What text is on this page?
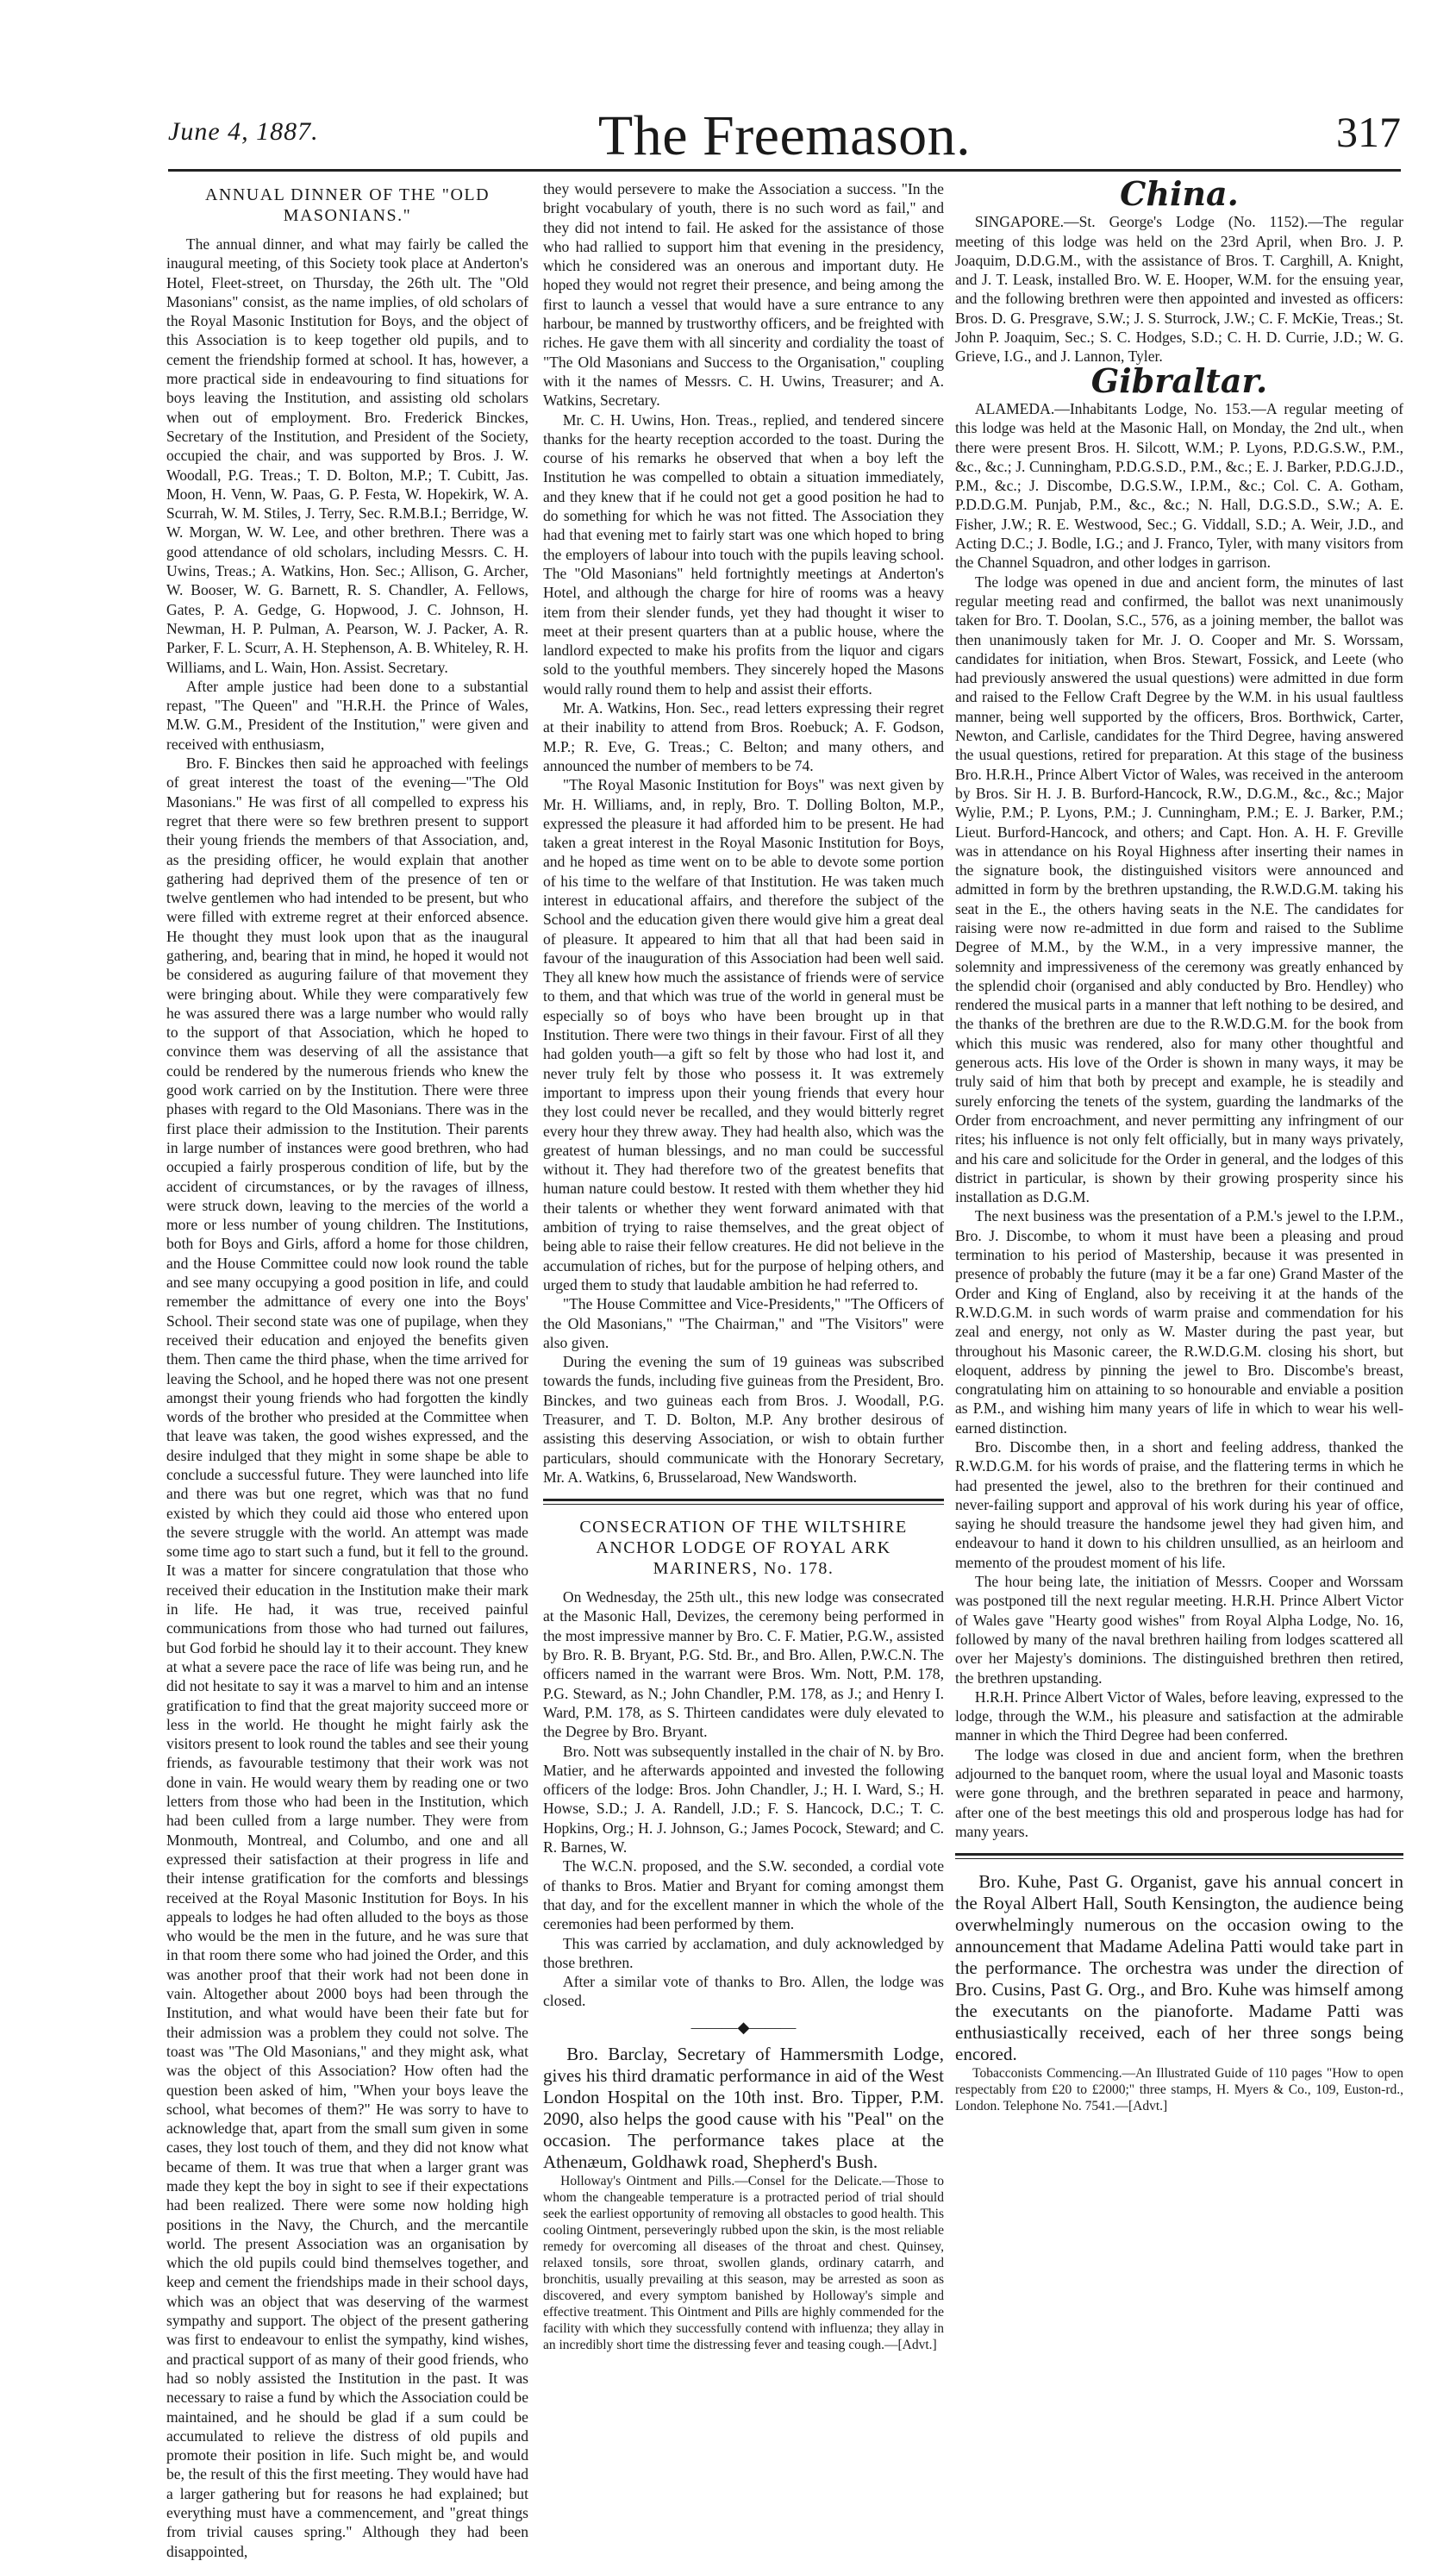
June 4, 1887.	The Freemason.	317
ANNUAL DINNER OF THE "OLD MASONIANS."

The annual dinner, and what may fairly be called the inaugural meeting, of this Society took place at Anderton's Hotel, Fleet-street, on Thursday, the 26th ult. The "Old Masonians" consist, as the name implies, of old scholars of the Royal Masonic Institution for Boys, and the object of this Association is to keep together old pupils, and to cement the friendship formed at school. It has, however, a more practical side in endeavouring to find situations for boys leaving the Institution, and assisting old scholars when out of employment. Bro. Frederick Binckes, Secretary of the Institution, and President of the Society, occupied the chair, and was supported by Bros. J. W. Woodall, P.G. Treas.; T. D. Bolton, M.P.; T. Cubitt, Jas. Moon, H. Venn, W. Paas, G. P. Festa, W. Hopekirk, W. A. Scurrah, W. M. Stiles, J. Terry, Sec. R.M.B.I.; Berridge, W. W. Morgan, W. W. Lee, and other brethren. There was a good attendance of old scholars, including Messrs. C. H. Uwins, Treas.; A. Watkins, Hon. Sec.; Allison, G. Archer, W. Booser, W. G. Barnett, R. S. Chandler, A. Fellows, Gates, P. A. Gedge, G. Hopwood, J. C. Johnson, H. Newman, H. P. Pulman, A. Pearson, W. J. Packer, A. R. Parker, F. L. Scurr, A. H. Stephenson, A. B. Whiteley, R. H. Williams, and L. Wain, Hon. Assist. Secretary.

After ample justice had been done to a substantial repast, "The Queen" and "H.R.H. the Prince of Wales, M.W. G.M., President of the Institution," were given and received with enthusiasm,

Bro. F. Binckes then said he approached with feelings of great interest the toast of the evening—"The Old Masonians." He was first of all compelled to express his regret that there were so few brethren present to support their young friends the members of that Association, and, as the presiding officer, he would explain that another gathering had deprived them of the presence of ten or twelve gentlemen who had intended to be present, but who were filled with extreme regret at their enforced absence. He thought they must look upon that as the inaugural gathering, and, bearing that in mind, he hoped it would not be considered as auguring failure of that movement they were bringing about. While they were comparatively few he was assured there was a large number who would rally to the support of that Association, which he hoped to convince them was deserving of all the assistance that could be rendered by the numerous friends who knew the good work carried on by the Institution. There were three phases with regard to the Old Masonians. There was in the first place their admission to the Institution. Their parents in large number of instances were good brethren, who had occupied a fairly prosperous condition of life, but by the accident of circumstances, or by the ravages of illness, were struck down, leaving to the mercies of the world a more or less number of young children. The Institutions, both for Boys and Girls, afford a home for those children, and the House Committee could now look round the table and see many occupying a good position in life, and could remember the admittance of every one into the Boys' School. Their second state was one of pupilage, when they received their education and enjoyed the benefits given them. Then came the third phase, when the time arrived for leaving the School, and he hoped there was not one present amongst their young friends who had forgotten the kindly words of the brother who presided at the Committee when that leave was taken, the good wishes expressed, and the desire indulged that they might in some shape be able to conclude a successful future. They were launched into life and there was but one regret, which was that no fund existed by which they could aid those who entered upon the severe struggle with the world. An attempt was made some time ago to start such a fund, but it fell to the ground. It was a matter for sincere congratulation that those who received their education in the Institution make their mark in life. He had, it was true, received painful communications from those who had turned out failures, but God forbid he should lay it to their account. They knew at what a severe pace the race of life was being run, and he did not hesitate to say it was a marvel to him and an intense gratification to find that the great majority succeed more or less in the world. He thought he might fairly ask the visitors present to look round the tables and see their young friends, as favourable testimony that their work was not done in vain. He would weary them by reading one or two letters from those who had been in the Institution, which had been culled from a large number. They were from Monmouth, Montreal, and Columbo, and one and all expressed their satisfaction at their progress in life and their intense gratification for the comforts and blessings received at the Royal Masonic Institution for Boys. In his appeals to lodges he had often alluded to the boys as those who would be the men in the future, and he was sure that in that room there some who had joined the Order, and this was another proof that their work had not been done in vain. Altogether about 2000 boys had been through the Institution, and what would have been their fate but for their admission was a problem they could not solve. The toast was "The Old Masonians," and they might ask, what was the object of this Association? How often had the question been asked of him, "When your boys leave the school, what becomes of them?" He was sorry to have to acknowledge that, apart from the small sum given in some cases, they lost touch of them, and they did not know what became of them. It was true that when a larger grant was made they kept the boy in sight to see if their expectations had been realized. There were some now holding high positions in the Navy, the Church, and the mercantile world. The present Association was an organisation by which the old pupils could bind themselves together, and keep and cement the friendships made in their school days, which was an object that was deserving of the warmest sympathy and support. The object of the present gathering was first to endeavour to enlist the sympathy, kind wishes, and practical support of as many of their good friends, who had so nobly assisted the Institution in the past. It was necessary to raise a fund by which the Association could be maintained, and he should be glad if a sum could be accumulated to relieve the distress of old pupils and promote their position in life. Such might be, and would be, the result of this the first meeting. They would have had a larger gathering but for reasons he had explained; but everything must have a commencement, and "great things from trivial causes spring." Although they had been disappointed,

they would persevere to make the Association a success. "In the bright vocabulary of youth, there is no such word as fail," and they did not intend to fail. He asked for the assistance of those who had rallied to support him that evening in the presidency, which he considered was an onerous and important duty. He hoped they would not regret their presence, and being among the first to launch a vessel that would have a sure entrance to any harbour, be manned by trustworthy officers, and be freighted with riches. He gave them with all sincerity and cordiality the toast of "The Old Masonians and Success to the Organisation," coupling with it the names of Messrs. C. H. Uwins, Treasurer; and A. Watkins, Secretary.

Mr. C. H. Uwins, Hon. Treas., replied, and tendered sincere thanks for the hearty reception accorded to the toast. During the course of his remarks he observed that when a boy left the Institution he was compelled to obtain a situation immediately, and they knew that if he could not get a good position he had to do something for which he was not fitted. The Association they had that evening met to fairly start was one which hoped to bring the employers of labour into touch with the pupils leaving school. The "Old Masonians" held fortnightly meetings at Anderton's Hotel, and although the charge for hire of rooms was a heavy item from their slender funds, yet they had thought it wiser to meet at their present quarters than at a public house, where the landlord expected to make his profits from the liquor and cigars sold to the youthful members. They sincerely hoped the Masons would rally round them to help and assist their efforts.

Mr. A. Watkins, Hon. Sec., read letters expressing their regret at their inability to attend from Bros. Roebuck; A. F. Godson, M.P.; R. Eve, G. Treas.; C. Belton; and many others, and announced the number of members to be 74.

"The Royal Masonic Institution for Boys" was next given by Mr. H. Williams, and, in reply, Bro. T. Dolling Bolton, M.P., expressed the pleasure it had afforded him to be present. He had taken a great interest in the Royal Masonic Institution for Boys, and he hoped as time went on to be able to devote some portion of his time to the welfare of that Institution. He was taken much interest in educational affairs, and therefore the subject of the School and the education given there would give him a great deal of pleasure. It appeared to him that all that had been said in favour of the inauguration of this Association had been well said. They all knew how much the assistance of friends were of service to them, and that which was true of the world in general must be especially so of boys who have been brought up in that Institution. There were two things in their favour. First of all they had golden youth—a gift so felt by those who had lost it, and never truly felt by those who possess it. It was extremely important to impress upon their young friends that every hour they lost could never be recalled, and they would bitterly regret every hour they threw away. They had health also, which was the greatest of human blessings, and no man could be successful without it. They had therefore two of the greatest benefits that human nature could bestow. It rested with them whether they hid their talents or whether they went forward animated with that ambition of trying to raise themselves, and the great object of being able to raise their fellow creatures. He did not believe in the accumulation of riches, but for the purpose of helping others, and urged them to study that laudable ambition he had referred to.

"The House Committee and Vice-Presidents," "The Officers of the Old Masonians," "The Chairman," and "The Visitors" were also given.

During the evening the sum of 19 guineas was subscribed towards the funds, including five guineas from the President, Bro. Binckes, and two guineas each from Bros. J. Woodall, P.G. Treasurer, and T. D. Bolton, M.P. Any brother desirous of assisting this deserving Association, or wish to obtain further particulars, should communicate with the Honorary Secretary, Mr. A. Watkins, 6, Brusselaroad, New Wandsworth.

CONSECRATION OF THE WILTSHIRE ANCHOR LODGE OF ROYAL ARK MARINERS, No. 178.

On Wednesday, the 25th ult., this new lodge was consecrated at the Masonic Hall, Devizes, the ceremony being performed in the most impressive manner by Bro. C. F. Matier, P.G.W., assisted by Bro. R. B. Bryant, P.G. Std. Br., and Bro. Allen, P.W.C.N. The officers named in the warrant were Bros. Wm. Nott, P.M. 178, P.G. Steward, as N.; John Chandler, P.M. 178, as J.; and Henry I. Ward, P.M. 178, as S. Thirteen candidates were duly elevated to the Degree by Bro. Bryant.

Bro. Nott was subsequently installed in the chair of N. by Bro. Matier, and he afterwards appointed and invested the following officers of the lodge: Bros. John Chandler, J.; H. I. Ward, S.; H. Howse, S.D.; J. A. Randell, J.D.; F. S. Hancock, D.C.; T. C. Hopkins, Org.; H. J. Johnson, G.; James Pocock, Steward; and C. R. Barnes, W.

The W.C.N. proposed, and the S.W. seconded, a cordial vote of thanks to Bros. Matier and Bryant for coming amongst them that day, and for the excellent manner in which the whole of the ceremonies had been performed by them.

This was carried by acclamation, and duly acknowledged by those brethren.

After a similar vote of thanks to Bro. Allen, the lodge was closed.

———◆———

Bro. Barclay, Secretary of Hammersmith Lodge, gives his third dramatic performance in aid of the West London Hospital on the 10th inst. Bro. Tipper, P.M. 2090, also helps the good cause with his "Peal" on the occasion. The performance takes place at the Athenæum, Goldhawk road, Shepherd's Bush.

Holloway's Ointment and Pills.—Consel for the Delicate.—Those to whom the changeable temperature is a protracted period of trial should seek the earliest opportunity of removing all obstacles to good health. This cooling Ointment, perseveringly rubbed upon the skin, is the most reliable remedy for overcoming all diseases of the throat and chest. Quinsey, relaxed tonsils, sore throat, swollen glands, ordinary catarrh, and bronchitis, usually prevailing at this season, may be arrested as soon as discovered, and every symptom banished by Holloway's simple and effective treatment. This Ointment and Pills are highly commended for the facility with which they successfully contend with influenza; they allay in an incredibly short time the distressing fever and teasing cough.—[Advt.]

China.

SINGAPORE.—St. George's Lodge (No. 1152).—The regular meeting of this lodge was held on the 23rd April, when Bro. J. P. Joaquim, D.D.G.M., with the assistance of Bros. T. Carghill, A. Knight, and J. T. Leask, installed Bro. W. E. Hooper, W.M. for the ensuing year, and the following brethren were then appointed and invested as officers: Bros. D. G. Presgrave, S.W.; J. S. Sturrock, J.W.; C. F. McKie, Treas.; St. John P. Joaquim, Sec.; S. C. Hodges, S.D.; C. H. D. Currie, J.D.; W. G. Grieve, I.G., and J. Lannon, Tyler.

Gibraltar.

ALAMEDA.—Inhabitants Lodge, No. 153.—A regular meeting of this lodge was held at the Masonic Hall, on Monday, the 2nd ult., when there were present Bros. H. Silcott, W.M.; P. Lyons, P.D.G.S.W., P.M., &c., &c.; J. Cunningham, P.D.G.S.D., P.M., &c.; E. J. Barker, P.D.G.J.D., P.M., &c.; J. Discombe, D.G.S.W., I.P.M., &c.; Col. C. A. Gotham, P.D.D.G.M. Punjab, P.M., &c., &c.; N. Hall, D.G.S.D., S.W.; A. E. Fisher, J.W.; R. E. Westwood, Sec.; G. Viddall, S.D.; A. Weir, J.D., and Acting D.C.; J. Bodle, I.G.; and J. Franco, Tyler, with many visitors from the Channel Squadron, and other lodges in garrison.

The lodge was opened in due and ancient form, the minutes of last regular meeting read and confirmed, the ballot was next unanimously taken for Bro. T. Doolan, S.C., 576, as a joining member, the ballot was then unanimously taken for Mr. J. O. Cooper and Mr. S. Worssam, candidates for initiation, when Bros. Stewart, Fossick, and Leete (who had previously answered the usual questions) were admitted in due form and raised to the Fellow Craft Degree by the W.M. in his usual faultless manner, being well supported by the officers, Bros. Borthwick, Carter, Newton, and Carlisle, candidates for the Third Degree, having answered the usual questions, retired for preparation. At this stage of the business Bro. H.R.H., Prince Albert Victor of Wales, was received in the anteroom by Bros. Sir H. J. B. Burford-Hancock, R.W., D.G.M., &c., &c.; Major Wylie, P.M.; P. Lyons, P.M.; J. Cunningham, P.M.; E. J. Barker, P.M.; Lieut. Burford-Hancock, and others; and Capt. Hon. A. H. F. Greville was in attendance on his Royal Highness after inserting their names in the signature book, the distinguished visitors were announced and admitted in form by the brethren upstanding, the R.W.D.G.M. taking his seat in the E., the others having seats in the N.E. The candidates for raising were now re-admitted in due form and raised to the Sublime Degree of M.M., by the W.M., in a very impressive manner, the solemnity and impressiveness of the ceremony was greatly enhanced by the splendid choir (organised and ably conducted by Bro. Hendley) who rendered the musical parts in a manner that left nothing to be desired, and the thanks of the brethren are due to the R.W.D.G.M. for the book from which this music was rendered, also for many other thoughtful and generous acts. His love of the Order is shown in many ways, it may be truly said of him that both by precept and example, he is steadily and surely enforcing the tenets of the system, guarding the landmarks of the Order from encroachment, and never permitting any infringment of our rites; his influence is not only felt officially, but in many ways privately, and his care and solicitude for the Order in general, and the lodges of this district in particular, is shown by their growing prosperity since his installation as D.G.M.

The next business was the presentation of a P.M.'s jewel to the I.P.M., Bro. J. Discombe, to whom it must have been a pleasing and proud termination to his period of Mastership, because it was presented in presence of probably the future (may it be a far one) Grand Master of the Order and King of England, also by receiving it at the hands of the R.W.D.G.M. in such words of warm praise and commendation for his zeal and energy, not only as W. Master during the past year, but throughout his Masonic career, the R.W.D.G.M. closing his short, but eloquent, address by pinning the jewel to Bro. Discombe's breast, congratulating him on attaining to so honourable and enviable a position as P.M., and wishing him many years of life in which to wear his well-earned distinction.

Bro. Discombe then, in a short and feeling address, thanked the R.W.D.G.M. for his words of praise, and the flattering terms in which he had presented the jewel, also to the brethren for their continued and never-failing support and approval of his work during his year of office, saying he should treasure the handsome jewel they had given him, and endeavour to hand it down to his children unsullied, as an heirloom and memento of the proudest moment of his life.

The hour being late, the initiation of Messrs. Cooper and Worssam was postponed till the next regular meeting. H.R.H. Prince Albert Victor of Wales gave "Hearty good wishes" from Royal Alpha Lodge, No. 16, followed by many of the naval brethren hailing from lodges scattered all over her Majesty's dominions. The distinguished brethren then retired, the brethren upstanding.

H.R.H. Prince Albert Victor of Wales, before leaving, expressed to the lodge, through the W.M., his pleasure and satisfaction at the admirable manner in which the Third Degree had been conferred.

The lodge was closed in due and ancient form, when the brethren adjourned to the banquet room, where the usual loyal and Masonic toasts were gone through, and the brethren separated in peace and harmony, after one of the best meetings this old and prosperous lodge has had for many years.

Bro. Kuhe, Past G. Organist, gave his annual concert in the Royal Albert Hall, South Kensington, the audience being overwhelmingly numerous on the occasion owing to the announcement that Madame Adelina Patti would take part in the performance. The orchestra was under the direction of Bro. Cusins, Past G. Org., and Bro. Kuhe was himself among the executants on the pianoforte. Madame Patti was enthusiastically received, each of her three songs being encored.

Tobacconists Commencing.—An Illustrated Guide of 110 pages "How to open respectably from £20 to £2000;" three stamps, H. Myers & Co., 109, Euston-rd., London. Telephone No. 7541.—[Advt.]
